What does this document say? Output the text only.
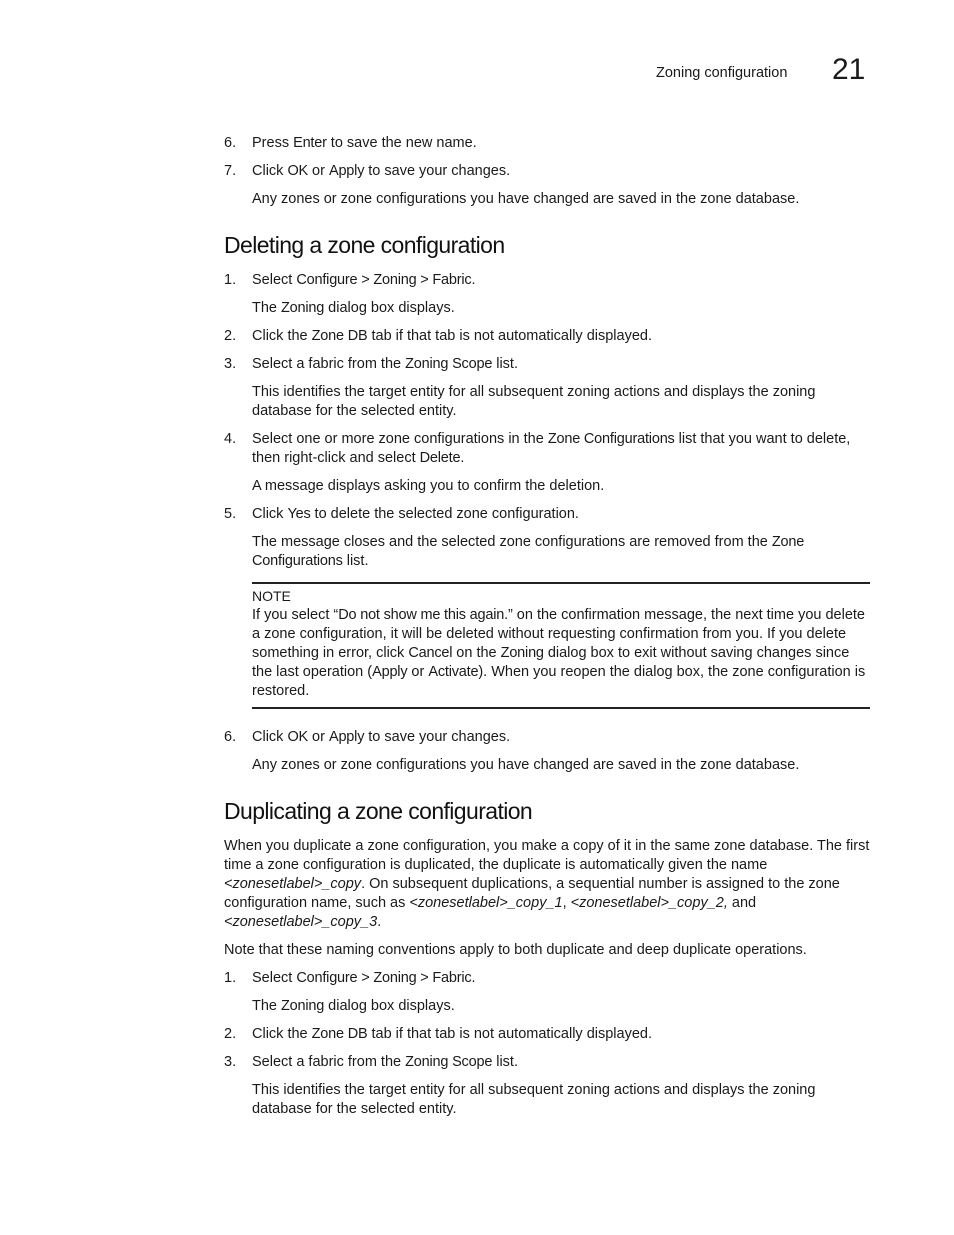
Zoning configuration 21
6. Press Enter to save the new name.
7. Click OK or Apply to save your changes.
Any zones or zone configurations you have changed are saved in the zone database.
Deleting a zone configuration
1. Select Configure > Zoning > Fabric.
The Zoning dialog box displays.
2. Click the Zone DB tab if that tab is not automatically displayed.
3. Select a fabric from the Zoning Scope list.
This identifies the target entity for all subsequent zoning actions and displays the zoning database for the selected entity.
4. Select one or more zone configurations in the Zone Configurations list that you want to delete, then right-click and select Delete.
A message displays asking you to confirm the deletion.
5. Click Yes to delete the selected zone configuration.
The message closes and the selected zone configurations are removed from the Zone Configurations list.
NOTE
If you select “Do not show me this again.” on the confirmation message, the next time you delete a zone configuration, it will be deleted without requesting confirmation from you. If you delete something in error, click Cancel on the Zoning dialog box to exit without saving changes since the last operation (Apply or Activate). When you reopen the dialog box, the zone configuration is restored.
6. Click OK or Apply to save your changes.
Any zones or zone configurations you have changed are saved in the zone database.
Duplicating a zone configuration
When you duplicate a zone configuration, you make a copy of it in the same zone database. The first time a zone configuration is duplicated, the duplicate is automatically given the name <zonesetlabel>_copy. On subsequent duplications, a sequential number is assigned to the zone configuration name, such as <zonesetlabel>_copy_1, <zonesetlabel>_copy_2, and <zonesetlabel>_copy_3.
Note that these naming conventions apply to both duplicate and deep duplicate operations.
1. Select Configure > Zoning > Fabric.
The Zoning dialog box displays.
2. Click the Zone DB tab if that tab is not automatically displayed.
3. Select a fabric from the Zoning Scope list.
This identifies the target entity for all subsequent zoning actions and displays the zoning database for the selected entity.
